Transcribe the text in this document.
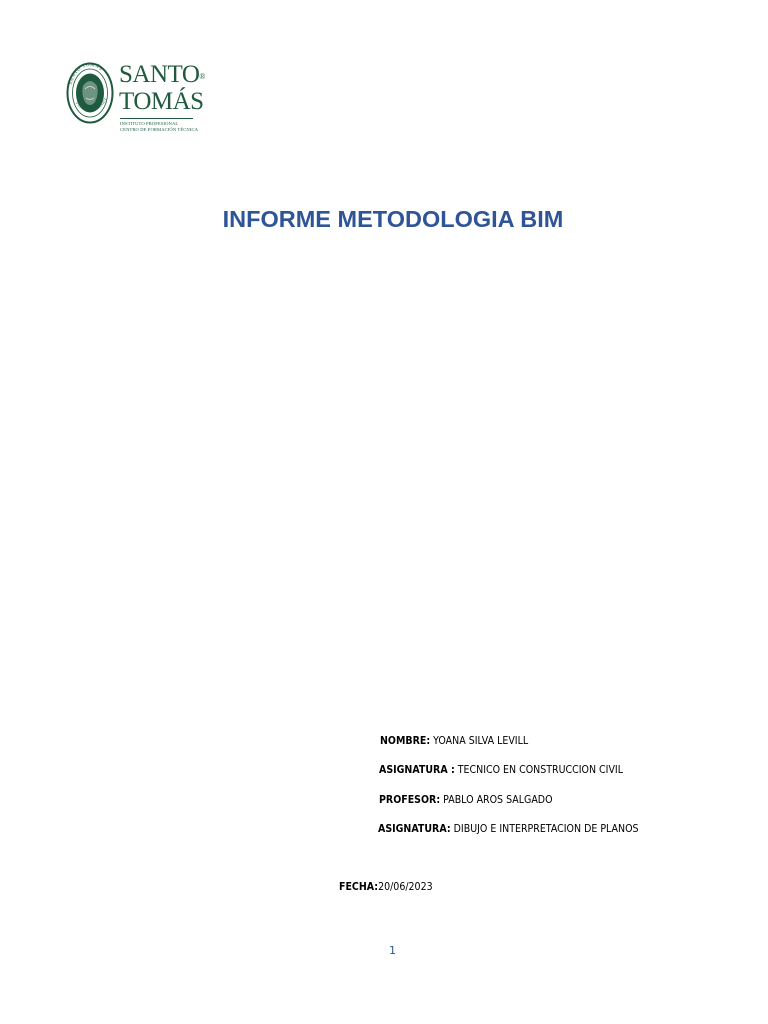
SANTO TOMÁS
VERITAS LIBERABIT
SANTO®
TOMÁS
INSTITUTO PROFESIONAL
CENTRO DE FORMACIÓN TÉCNICA
INFORME METODOLOGIA BIM
NOMBRE: YOANA SILVA LEVILL
ASIGNATURA : TECNICO EN CONSTRUCCION CIVIL
PROFESOR: PABLO AROS SALGADO
ASIGNATURA: DIBUJO E INTERPRETACION DE PLANOS
FECHA:20/06/2023
1
